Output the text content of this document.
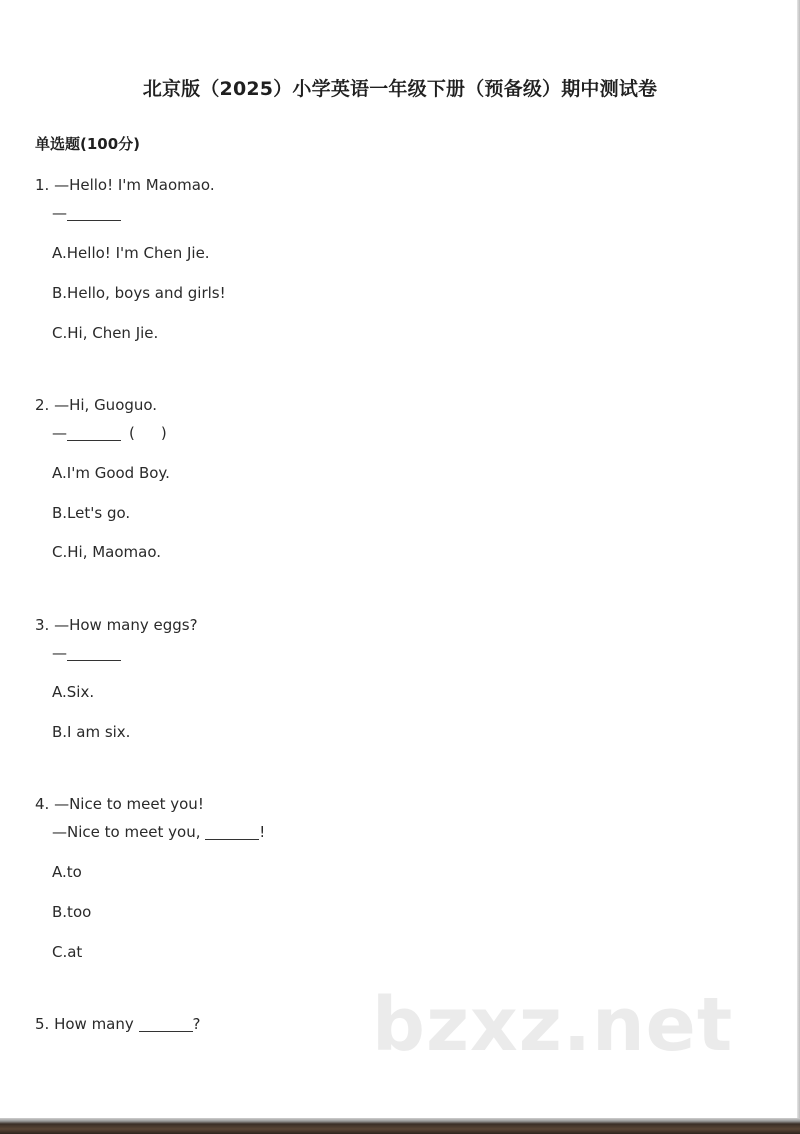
北京版（2025）小学英语一年级下册（预备级）期中测试卷
单选题(100分)
1. —Hello! I'm Maomao.
—
A.Hello! I'm Chen Jie.
B.Hello, boys and girls!
C.Hi, Chen Jie.
2. —Hi, Guoguo.
—	( )
A.I'm Good Boy.
B.Let's go.
C.Hi, Maomao.
3. —How many eggs?
—
A.Six.
B.I am six.
4. —Nice to meet you!
—Nice to meet you,	!
A.to
B.too
C.at
5. How many	? bzxz.net
